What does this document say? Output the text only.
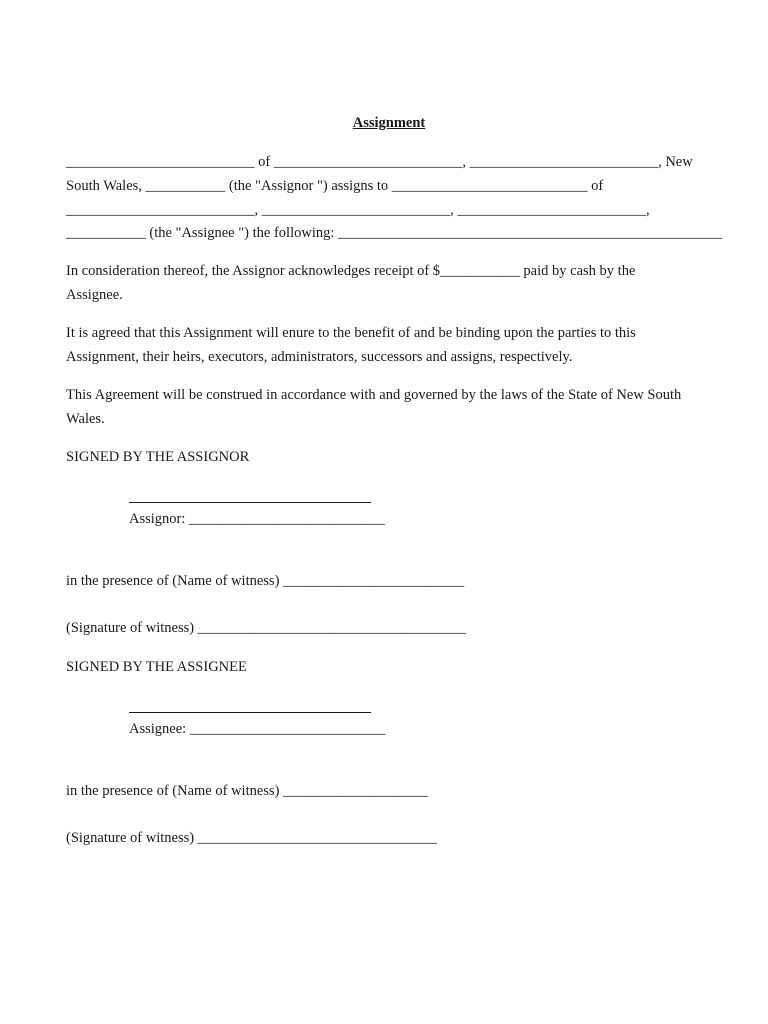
Assignment
__________________________ of __________________________, __________________________, New
South Wales, ___________ (the "Assignor ") assigns to ___________________________ of
__________________________, __________________________, __________________________,
___________ (the "Assignee ") the following: _____________________________________________________
In consideration thereof, the Assignor acknowledges receipt of $___________ paid by cash by the
Assignee.
It is agreed that this Assignment will enure to the benefit of and be binding upon the parties to this
Assignment, their heirs, executors, administrators, successors and assigns, respectively.
This Agreement will be construed in accordance with and governed by the laws of the State of New South
Wales.
SIGNED BY THE ASSIGNOR
Assignor: ___________________________
in the presence of (Name of witness) _________________________
(Signature of witness) _____________________________________
SIGNED BY THE ASSIGNEE
Assignee: ___________________________
in the presence of (Name of witness) ____________________
(Signature of witness) _________________________________
